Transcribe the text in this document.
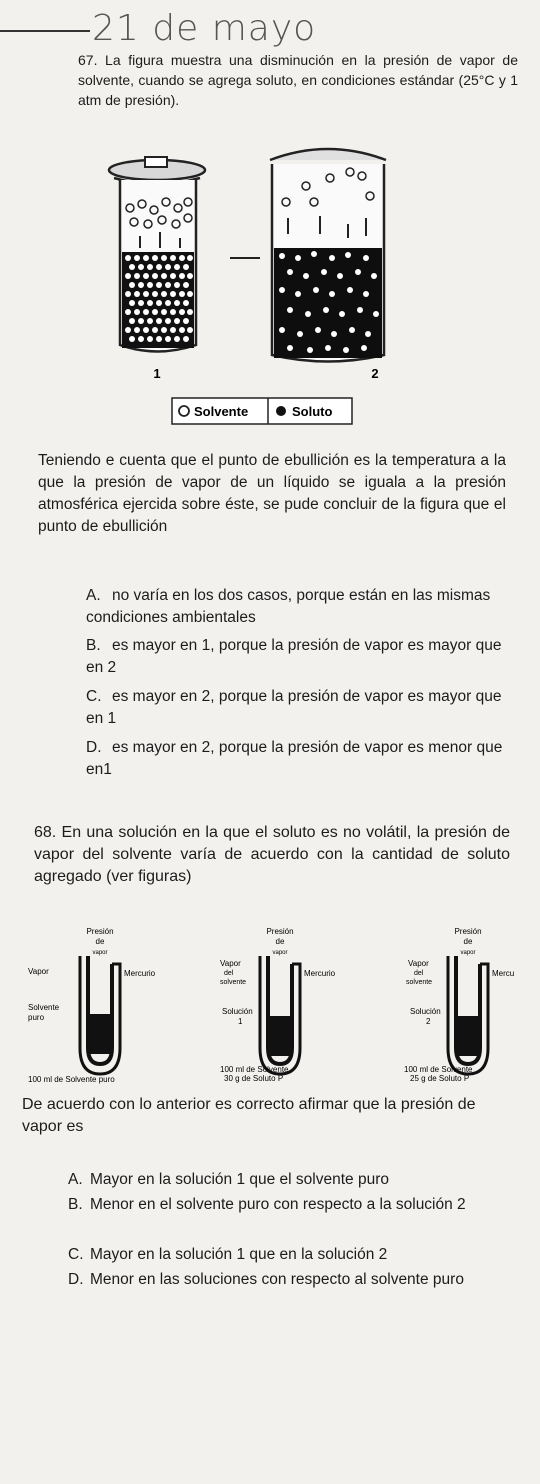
21 de mayo
67. La figura muestra una disminución en la presión de vapor de solvente, cuando se agrega soluto, en condiciones estándar (25°C y 1 atm de presión).
1	2
Solvente	Soluto
Teniendo e cuenta que el punto de ebullición es la temperatura a la que la presión de vapor de un líquido se iguala a la presión atmosférica ejercida sobre éste, se pude concluir de la figura que el punto de ebullición
A. no varía en los dos casos, porque están en las mismas condiciones ambientales
B. es mayor en 1, porque la presión de vapor es mayor que en 2
C. es mayor en 2, porque la presión de vapor es mayor que en 1
D. es mayor en 2, porque la presión de vapor es menor que en1
68. En una solución en la que el soluto es no volátil, la presión de vapor del solvente varía de acuerdo con la cantidad de soluto agregado (ver figuras)
Presión
de
vapor
Vapor	Mercurio
Solvente
puro
100 ml de Solvente puro
Presión
de
vapor
Vapor
del
solvente
Mercurio
Solución
1
100 ml de Solvente
30 g de Soluto P
Presión
de
vapor
Vapor
del
solvente
Mercu
Solución
2
100 ml de Solvente
25 g de Soluto P
De acuerdo con lo anterior es correcto afirmar que la presión de vapor es
A. Mayor en la solución 1 que el solvente puro
B. Menor en el solvente puro con respecto a la solución 2
C. Mayor en la solución 1 que en la solución 2
D. Menor en las soluciones con respecto al solvente puro
